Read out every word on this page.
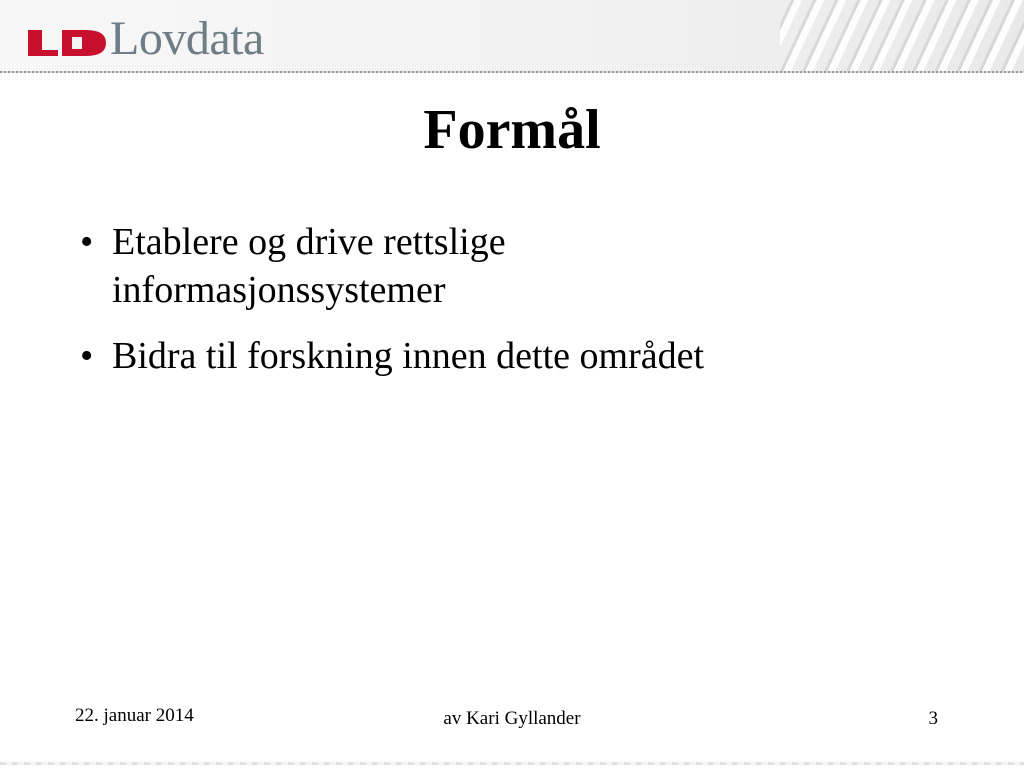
Lovdata
Formål
• Etablere og drive rettslige informasjonssystemer
• Bidra til forskning innen dette området
22. januar 2014	av Kari Gyllander	3
